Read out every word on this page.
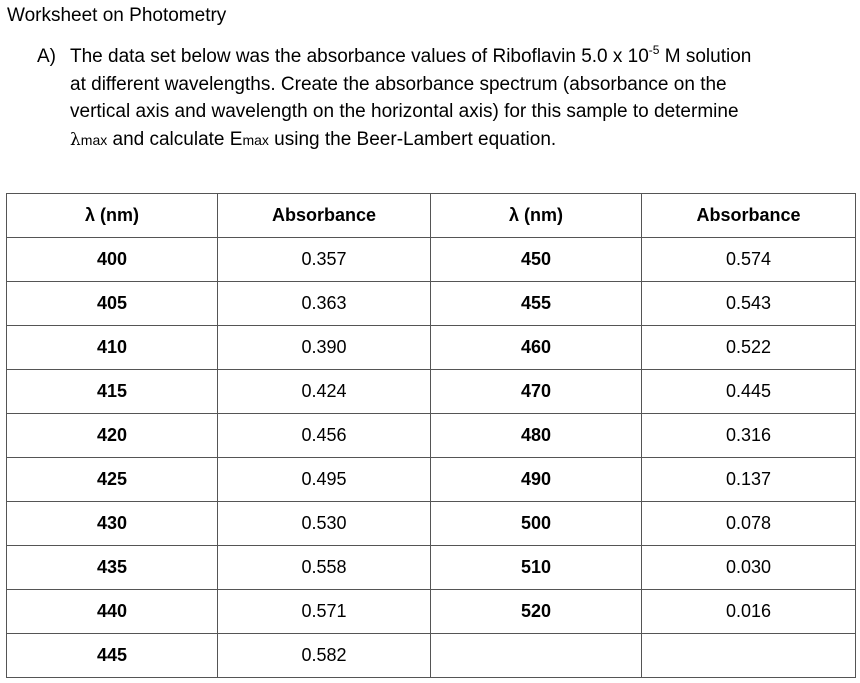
Worksheet on Photometry
A) The data set below was the absorbance values of Riboflavin 5.0 x $10^{-5}$ M solution
at different wavelengths. Create the absorbance spectrum (absorbance on the
vertical axis and wavelength on the horizontal axis) for this sample to determine
λmax and calculate Emax using the Beer-Lambert equation.
λ (nm)	Absorbance	λ (nm)	Absorbance
400	0.357	450	0.574
405	0.363	455	0.543
410	0.390	460	0.522
415	0.424	470	0.445
420	0.456	480	0.316
425	0.495	490	0.137
430	0.530	500	0.078
435	0.558	510	0.030
440	0.571	520	0.016
445	0.582		
